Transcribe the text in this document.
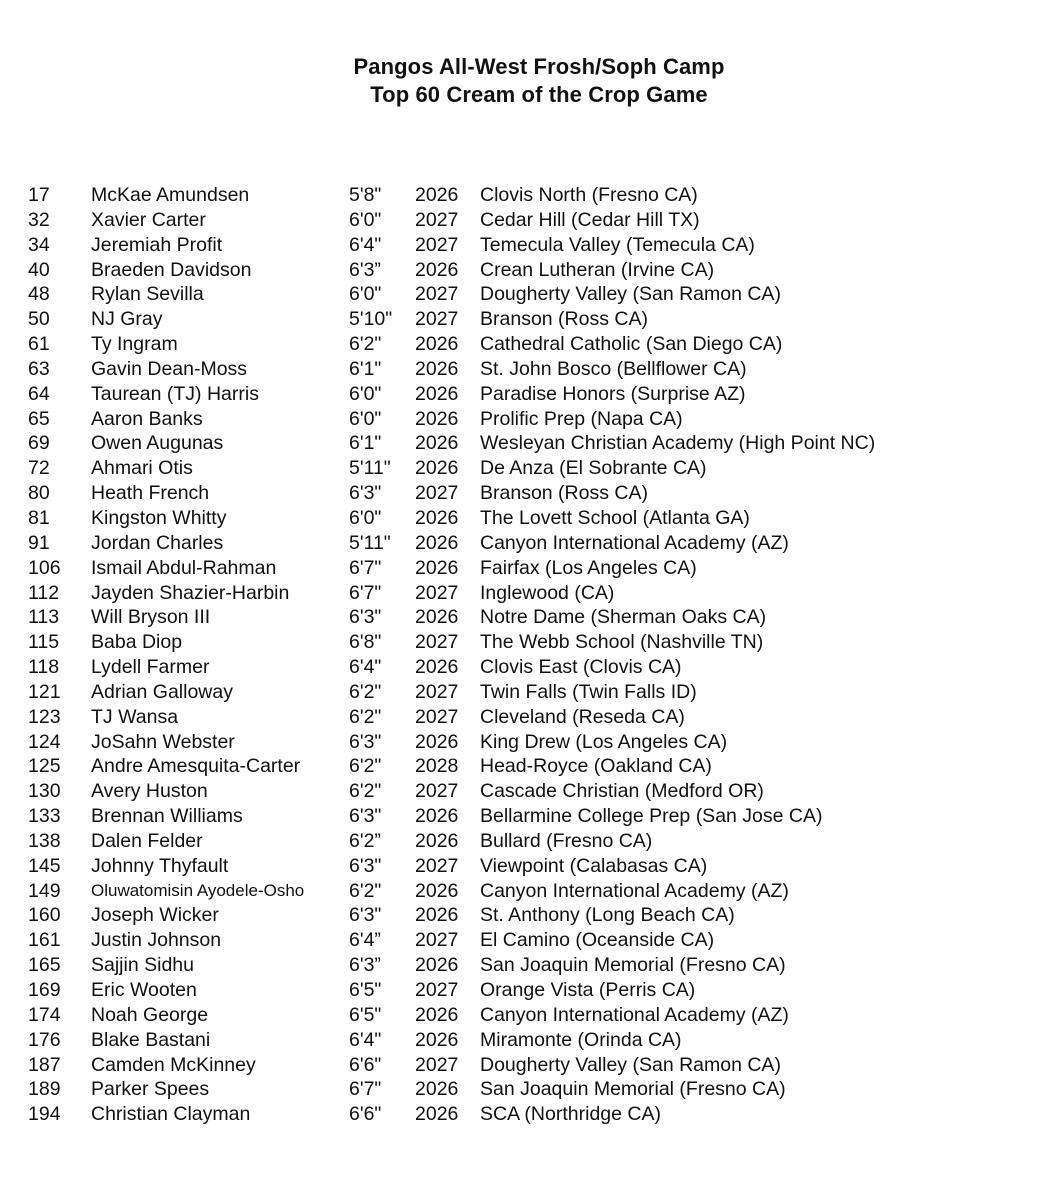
Pangos All-West Frosh/Soph Camp
Top 60 Cream of the Crop Game
17 McKae Amundsen	5'8" 2026 Clovis North (Fresno CA)
32 Xavier Carter	6'0" 2027 Cedar Hill (Cedar Hill TX)
34 Jeremiah Profit	6'4" 2027 Temecula Valley (Temecula CA)
40 Braeden Davidson	6'3” 2026 Crean Lutheran (Irvine CA)
48 Rylan Sevilla	6'0" 2027 Dougherty Valley (San Ramon CA)
50 NJ Gray	5'10" 2027 Branson (Ross CA)
61 Ty Ingram	6'2" 2026 Cathedral Catholic (San Diego CA)
63 Gavin Dean-Moss	6'1" 2026 St. John Bosco (Bellflower CA)
64 Taurean (TJ) Harris	6'0" 2026 Paradise Honors (Surprise AZ)
65 Aaron Banks	6'0" 2026 Prolific Prep (Napa CA)
69 Owen Augunas	6'1" 2026 Wesleyan Christian Academy (High Point NC)
72 Ahmari Otis	5'11" 2026 De Anza (El Sobrante CA)
80 Heath French	6'3" 2027 Branson (Ross CA)
81 Kingston Whitty	6'0" 2026 The Lovett School (Atlanta GA)
91 Jordan Charles	5'11" 2026 Canyon International Academy (AZ)
106 Ismail Abdul-Rahman	6'7" 2026 Fairfax (Los Angeles CA)
112 Jayden Shazier-Harbin	6'7" 2027 Inglewood (CA)
113 Will Bryson III	6'3" 2026 Notre Dame (Sherman Oaks CA)
115 Baba Diop	6'8" 2027 The Webb School (Nashville TN)
118 Lydell Farmer	6'4" 2026 Clovis East (Clovis CA)
121 Adrian Galloway	6'2" 2027 Twin Falls (Twin Falls ID)
123 TJ Wansa	6'2" 2027 Cleveland (Reseda CA)
124 JoSahn Webster	6'3" 2026 King Drew (Los Angeles CA)
125 Andre Amesquita-Carter	6'2" 2028 Head-Royce (Oakland CA)
130 Avery Huston	6'2" 2027 Cascade Christian (Medford OR)
133 Brennan Williams	6'3" 2026 Bellarmine College Prep (San Jose CA)
138 Dalen Felder	6'2” 2026 Bullard (Fresno CA)
145 Johnny Thyfault	6'3" 2027 Viewpoint (Calabasas CA)
149 Oluwatomisin Ayodele-Osho 6'2" 2026 Canyon International Academy (AZ)
160 Joseph Wicker	6'3" 2026 St. Anthony (Long Beach CA)
161 Justin Johnson	6'4” 2027 El Camino (Oceanside CA)
165 Sajjin Sidhu	6'3” 2026 San Joaquin Memorial (Fresno CA)
169 Eric Wooten	6'5" 2027 Orange Vista (Perris CA)
174 Noah George	6'5" 2026 Canyon International Academy (AZ)
176 Blake Bastani	6'4" 2026 Miramonte (Orinda CA)
187 Camden McKinney	6'6" 2027 Dougherty Valley (San Ramon CA)
189 Parker Spees	6'7" 2026 San Joaquin Memorial (Fresno CA)
194 Christian Clayman	6'6" 2026 SCA (Northridge CA)
